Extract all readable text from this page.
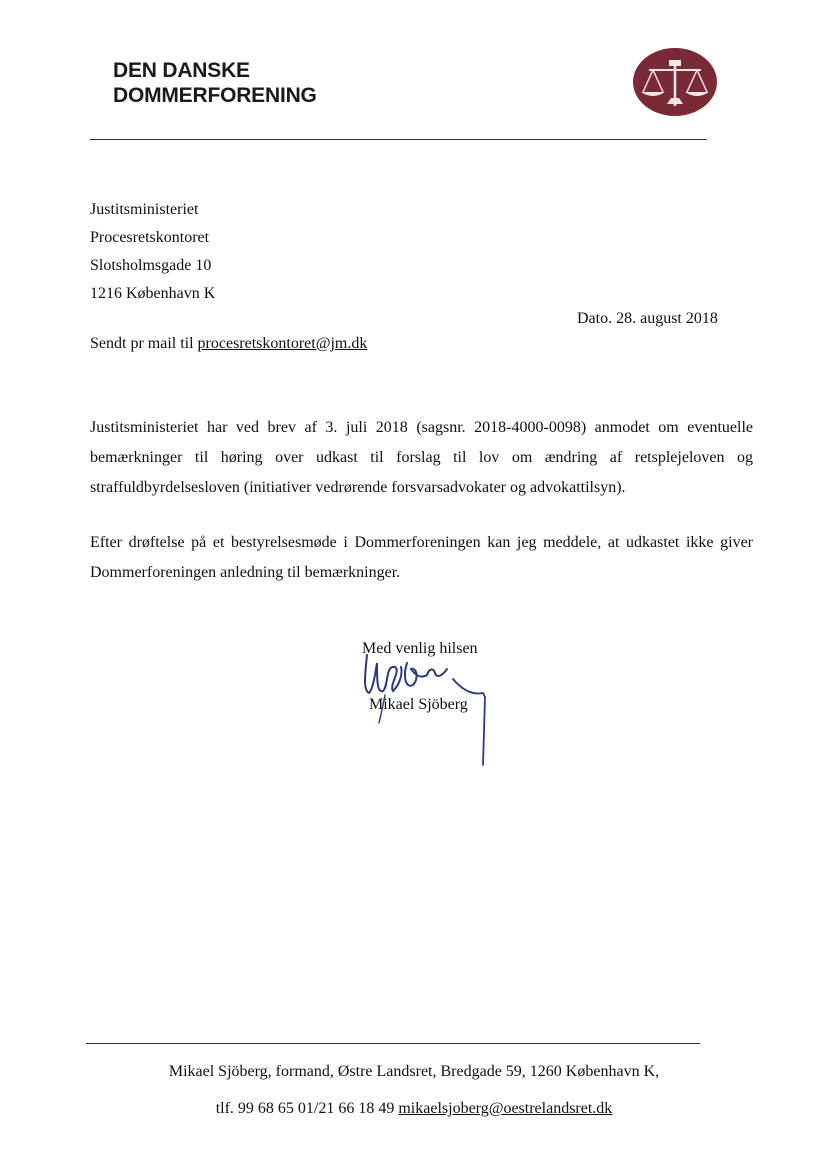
DEN DANSKE
DOMMERFORENING
Justitsministeriet
Procesretskontoret
Slotsholmsgade 10
1216 København K
Dato. 28. august 2018
Sendt pr mail til procesretskontoret@jm.dk
Justitsministeriet har ved brev af 3. juli 2018 (sagsnr. 2018-4000-0098) anmodet om eventuelle bemærkninger til høring over udkast til forslag til lov om ændring af retsplejeloven og straffuldbyrdelsesloven (initiativer vedrørende forsvarsadvokater og advokattilsyn).
Efter drøftelse på et bestyrelsesmøde i Dommerforeningen kan jeg meddele, at udkastet ikke giver Dommerforeningen anledning til bemærkninger.
Med venlig hilsen
Mikael Sjöberg
Mikael Sjöberg, formand, Østre Landsret, Bredgade 59, 1260 København K,
tlf. 99 68 65 01/21 66 18 49 mikaelsjoberg@oestrelandsret.dk
